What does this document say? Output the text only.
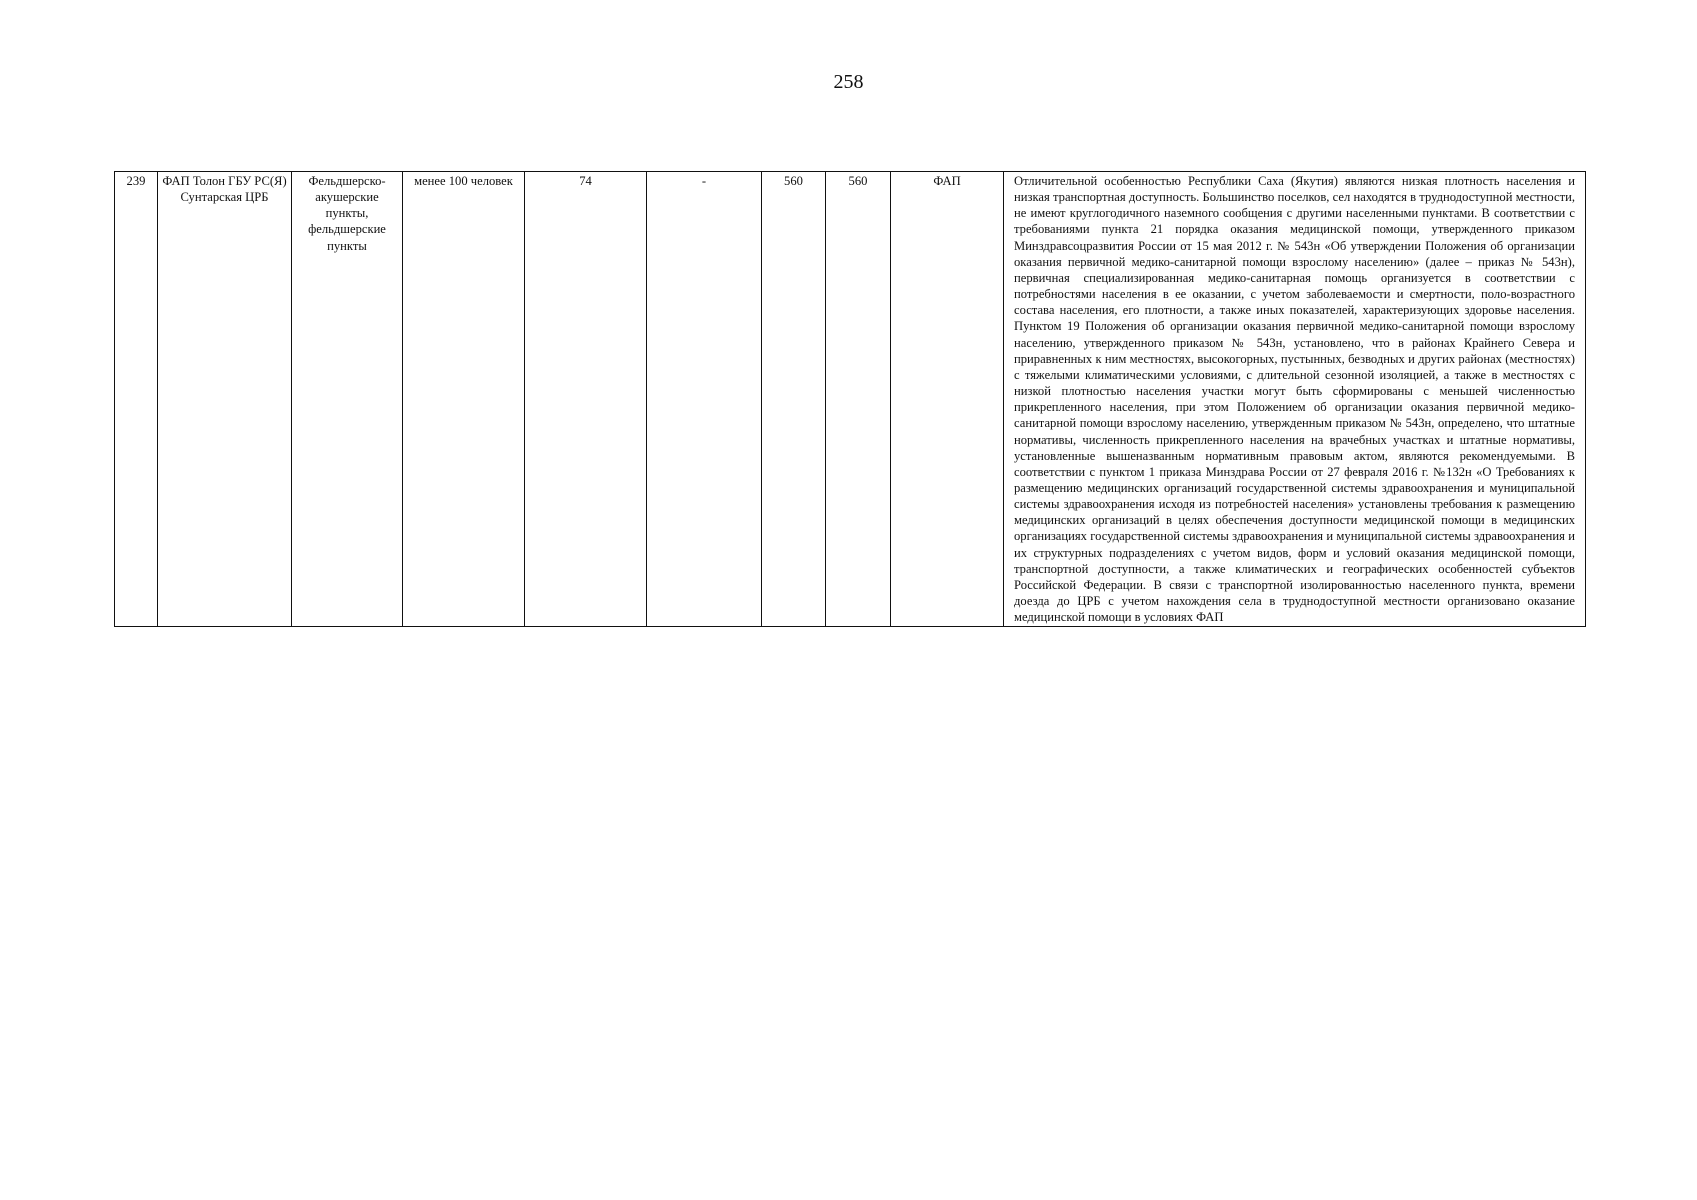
258
239	ФАП Толон ГБУ РС(Я) Сунтарская ЦРБ	Фельдшерско-акушерские пункты, фельдшерские пункты	менее 100 человек	74	-	560	560	ФАП	Отличительной особенностью Республики Саха (Якутия) являются низкая плотность населения и низкая транспортная доступность. Большинство поселков, сел находятся в труднодоступной местности, не имеют круглогодичного наземного сообщения с другими населенными пунктами. В соответствии с требованиями пункта 21 порядка оказания медицинской помощи, утвержденного приказом Минздравсоцразвития России от 15 мая 2012 г. № 543н «Об утверждении Положения об организации оказания первичной медико-санитарной помощи взрослому населению» (далее – приказ № 543н), первичная специализированная медико-санитарная помощь организуется в соответствии с потребностями населения в ее оказании, с учетом заболеваемости и смертности, поло-возрастного состава населения, его плотности, а также иных показателей, характеризующих здоровье населения. Пунктом 19 Положения об организации оказания первичной медико-санитарной помощи взрослому населению, утвержденного приказом № 543н, установлено, что в районах Крайнего Севера и приравненных к ним местностях, высокогорных, пустынных, безводных и других районах (местностях) с тяжелыми климатическими условиями, с длительной сезонной изоляцией, а также в местностях с низкой плотностью населения участки могут быть сформированы с меньшей численностью прикрепленного населения, при этом Положением об организации оказания первичной медико-санитарной помощи взрослому населению, утвержденным приказом № 543н, определено, что штатные нормативы, численность прикрепленного населения на врачебных участках и штатные нормативы, установленные вышеназванным нормативным правовым актом, являются рекомендуемыми. В соответствии с пунктом 1 приказа Минздрава России от 27 февраля 2016 г. №132н «О Требованиях к размещению медицинских организаций государственной системы здравоохранения и муниципальной системы здравоохранения исходя из потребностей населения» установлены требования к размещению медицинских организаций в целях обеспечения доступности медицинской помощи в медицинских организациях государственной системы здравоохранения и муниципальной системы здравоохранения и их структурных подразделениях с учетом видов, форм и условий оказания медицинской помощи, транспортной доступности, а также климатических и географических особенностей субъектов Российской Федерации. В связи с транспортной изолированностью населенного пункта, времени доезда до ЦРБ с учетом нахождения села в труднодоступной местности организовано оказание медицинской помощи в условиях ФАП
